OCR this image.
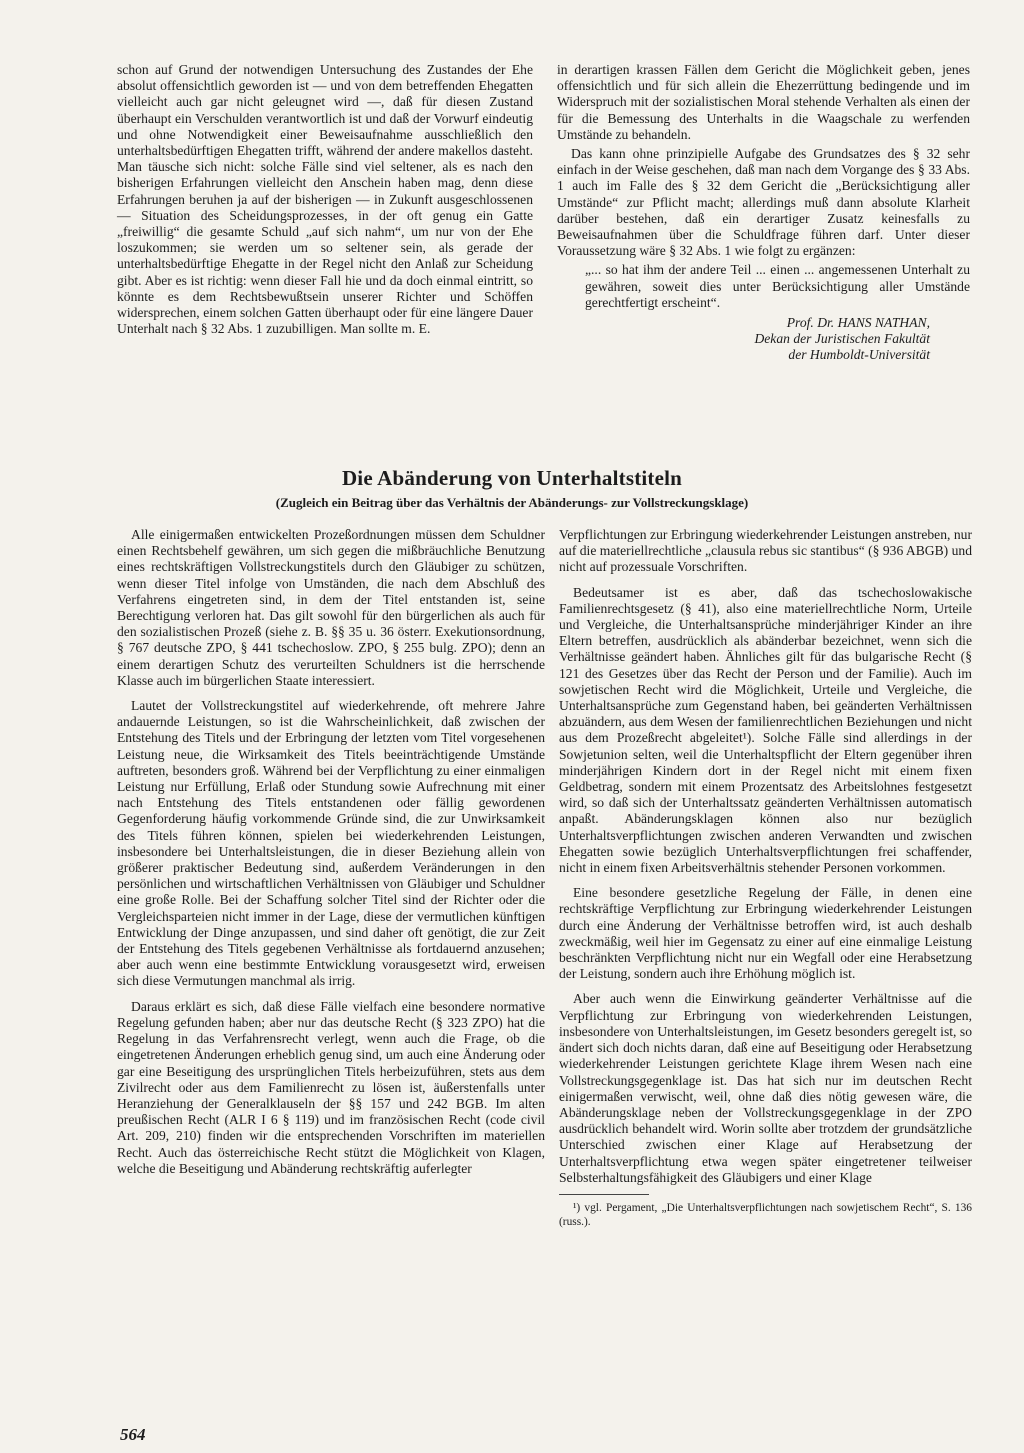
schon auf Grund der notwendigen Untersuchung des Zustandes der Ehe absolut offensichtlich geworden ist — und von dem betreffenden Ehegatten vielleicht auch gar nicht geleugnet wird —, daß für diesen Zustand überhaupt ein Verschulden verantwortlich ist und daß der Vorwurf eindeutig und ohne Notwendigkeit einer Beweisaufnahme ausschließlich den unterhaltsbedürftigen Ehegatten trifft, während der andere makellos dasteht. Man täusche sich nicht: solche Fälle sind viel seltener, als es nach den bisherigen Erfahrungen vielleicht den Anschein haben mag, denn diese Erfahrungen beruhen ja auf der bisherigen — in Zukunft ausgeschlossenen — Situation des Scheidungsprozesses, in der oft genug ein Gatte „freiwillig“ die gesamte Schuld „auf sich nahm“, um nur von der Ehe loszukommen; sie werden um so seltener sein, als gerade der unterhaltsbedürftige Ehegatte in der Regel nicht den Anlaß zur Scheidung gibt. Aber es ist richtig: wenn dieser Fall hie und da doch einmal eintritt, so könnte es dem Rechtsbewußtsein unserer Richter und Schöffen widersprechen, einem solchen Gatten überhaupt oder für eine längere Dauer Unterhalt nach § 32 Abs. 1 zuzubilligen. Man sollte m. E.

in derartigen krassen Fällen dem Gericht die Möglichkeit geben, jenes offensichtlich und für sich allein die Ehezerrüttung bedingende und im Widerspruch mit der sozialistischen Moral stehende Verhalten als einen der für die Bemessung des Unterhalts in die Waagschale zu werfenden Umstände zu behandeln.

Das kann ohne prinzipielle Aufgabe des Grundsatzes des § 32 sehr einfach in der Weise geschehen, daß man nach dem Vorgange des § 33 Abs. 1 auch im Falle des § 32 dem Gericht die „Berücksichtigung aller Umstände“ zur Pflicht macht; allerdings muß dann absolute Klarheit darüber bestehen, daß ein derartiger Zusatz keinesfalls zu Beweisaufnahmen über die Schuldfrage führen darf. Unter dieser Voraussetzung wäre § 32 Abs. 1 wie folgt zu ergänzen:

„... so hat ihm der andere Teil ... einen ... angemessenen Unterhalt zu gewähren, soweit dies unter Berücksichtigung aller Umstände gerechtfertigt erscheint“.

Prof. Dr. HANS NATHAN,
Dekan der Juristischen Fakultät
der Humboldt-Universität
Die Abänderung von Unterhaltstiteln
(Zugleich ein Beitrag über das Verhältnis der Abänderungs- zur Vollstreckungsklage)

Alle einigermaßen entwickelten Prozeßordnungen müssen dem Schuldner einen Rechtsbehelf gewähren, um sich gegen die mißbräuchliche Benutzung eines rechtskräftigen Vollstreckungstitels durch den Gläubiger zu schützen, wenn dieser Titel infolge von Umständen, die nach dem Abschluß des Verfahrens eingetreten sind, in dem der Titel entstanden ist, seine Berechtigung verloren hat. Das gilt sowohl für den bürgerlichen als auch für den sozialistischen Prozeß (siehe z. B. §§ 35 u. 36 österr. Exekutionsordnung, § 767 deutsche ZPO, § 441 tschechoslow. ZPO, § 255 bulg. ZPO); denn an einem derartigen Schutz des verurteilten Schuldners ist die herrschende Klasse auch im bürgerlichen Staate interessiert.

Lautet der Vollstreckungstitel auf wiederkehrende, oft mehrere Jahre andauernde Leistungen, so ist die Wahrscheinlichkeit, daß zwischen der Entstehung des Titels und der Erbringung der letzten vom Titel vorgesehenen Leistung neue, die Wirksamkeit des Titels beeinträchtigende Umstände auftreten, besonders groß. Während bei der Verpflichtung zu einer einmaligen Leistung nur Erfüllung, Erlaß oder Stundung sowie Aufrechnung mit einer nach Entstehung des Titels entstandenen oder fällig gewordenen Gegenforderung häufig vorkommende Gründe sind, die zur Unwirksamkeit des Titels führen können, spielen bei wiederkehrenden Leistungen, insbesondere bei Unterhaltsleistungen, die in dieser Beziehung allein von größerer praktischer Bedeutung sind, außerdem Veränderungen in den persönlichen und wirtschaftlichen Verhältnissen von Gläubiger und Schuldner eine große Rolle. Bei der Schaffung solcher Titel sind der Richter oder die Vergleichsparteien nicht immer in der Lage, diese der vermutlichen künftigen Entwicklung der Dinge anzupassen, und sind daher oft genötigt, die zur Zeit der Entstehung des Titels gegebenen Verhältnisse als fortdauernd anzusehen; aber auch wenn eine bestimmte Entwicklung vorausgesetzt wird, erweisen sich diese Vermutungen manchmal als irrig.

Daraus erklärt es sich, daß diese Fälle vielfach eine besondere normative Regelung gefunden haben; aber nur das deutsche Recht (§ 323 ZPO) hat die Regelung in das Verfahrensrecht verlegt, wenn auch die Frage, ob die eingetretenen Änderungen erheblich genug sind, um auch eine Änderung oder gar eine Beseitigung des ursprünglichen Titels herbeizuführen, stets aus dem Zivilrecht oder aus dem Familienrecht zu lösen ist, äußerstenfalls unter Heranziehung der Generalklauseln der §§ 157 und 242 BGB. Im alten preußischen Recht (ALR I 6 § 119) und im französischen Recht (code civil Art. 209, 210) finden wir die entsprechenden Vorschriften im materiellen Recht. Auch das österreichische Recht stützt die Möglichkeit von Klagen, welche die Beseitigung und Abänderung rechtskräftig auferlegter

Verpflichtungen zur Erbringung wiederkehrender Leistungen anstreben, nur auf die materiellrechtliche „clausula rebus sic stantibus“ (§ 936 ABGB) und nicht auf prozessuale Vorschriften.

Bedeutsamer ist es aber, daß das tschechoslowakische Familienrechtsgesetz (§ 41), also eine materiellrechtliche Norm, Urteile und Vergleiche, die Unterhaltsansprüche minderjähriger Kinder an ihre Eltern betreffen, ausdrücklich als abänderbar bezeichnet, wenn sich die Verhältnisse geändert haben. Ähnliches gilt für das bulgarische Recht (§ 121 des Gesetzes über das Recht der Person und der Familie). Auch im sowjetischen Recht wird die Möglichkeit, Urteile und Vergleiche, die Unterhaltsansprüche zum Gegenstand haben, bei geänderten Verhältnissen abzuändern, aus dem Wesen der familienrechtlichen Beziehungen und nicht aus dem Prozeßrecht abgeleitet¹). Solche Fälle sind allerdings in der Sowjetunion selten, weil die Unterhaltspflicht der Eltern gegenüber ihren minderjährigen Kindern dort in der Regel nicht mit einem fixen Geldbetrag, sondern mit einem Prozentsatz des Arbeitslohnes festgesetzt wird, so daß sich der Unterhaltssatz geänderten Verhältnissen automatisch anpaßt. Abänderungsklagen können also nur bezüglich Unterhaltsverpflichtungen zwischen anderen Verwandten und zwischen Ehegatten sowie bezüglich Unterhaltsverpflichtungen frei schaffender, nicht in einem fixen Arbeitsverhältnis stehender Personen vorkommen.

Eine besondere gesetzliche Regelung der Fälle, in denen eine rechtskräftige Verpflichtung zur Erbringung wiederkehrender Leistungen durch eine Änderung der Verhältnisse betroffen wird, ist auch deshalb zweckmäßig, weil hier im Gegensatz zu einer auf eine einmalige Leistung beschränkten Verpflichtung nicht nur ein Wegfall oder eine Herabsetzung der Leistung, sondern auch ihre Erhöhung möglich ist.

Aber auch wenn die Einwirkung geänderter Verhältnisse auf die Verpflichtung zur Erbringung von wiederkehrenden Leistungen, insbesondere von Unterhaltsleistungen, im Gesetz besonders geregelt ist, so ändert sich doch nichts daran, daß eine auf Beseitigung oder Herabsetzung wiederkehrender Leistungen gerichtete Klage ihrem Wesen nach eine Vollstreckungsgegenklage ist. Das hat sich nur im deutschen Recht einigermaßen verwischt, weil, ohne daß dies nötig gewesen wäre, die Abänderungsklage neben der Vollstreckungsgegenklage in der ZPO ausdrücklich behandelt wird. Worin sollte aber trotzdem der grundsätzliche Unterschied zwischen einer Klage auf Herabsetzung der Unterhaltsverpflichtung etwa wegen später eingetretener teilweiser Selbsterhaltungsfähigkeit des Gläubigers und einer Klage

¹) vgl. Pergament, „Die Unterhaltsverpflichtungen nach sowjetischem Recht“, S. 136 (russ.).

564
